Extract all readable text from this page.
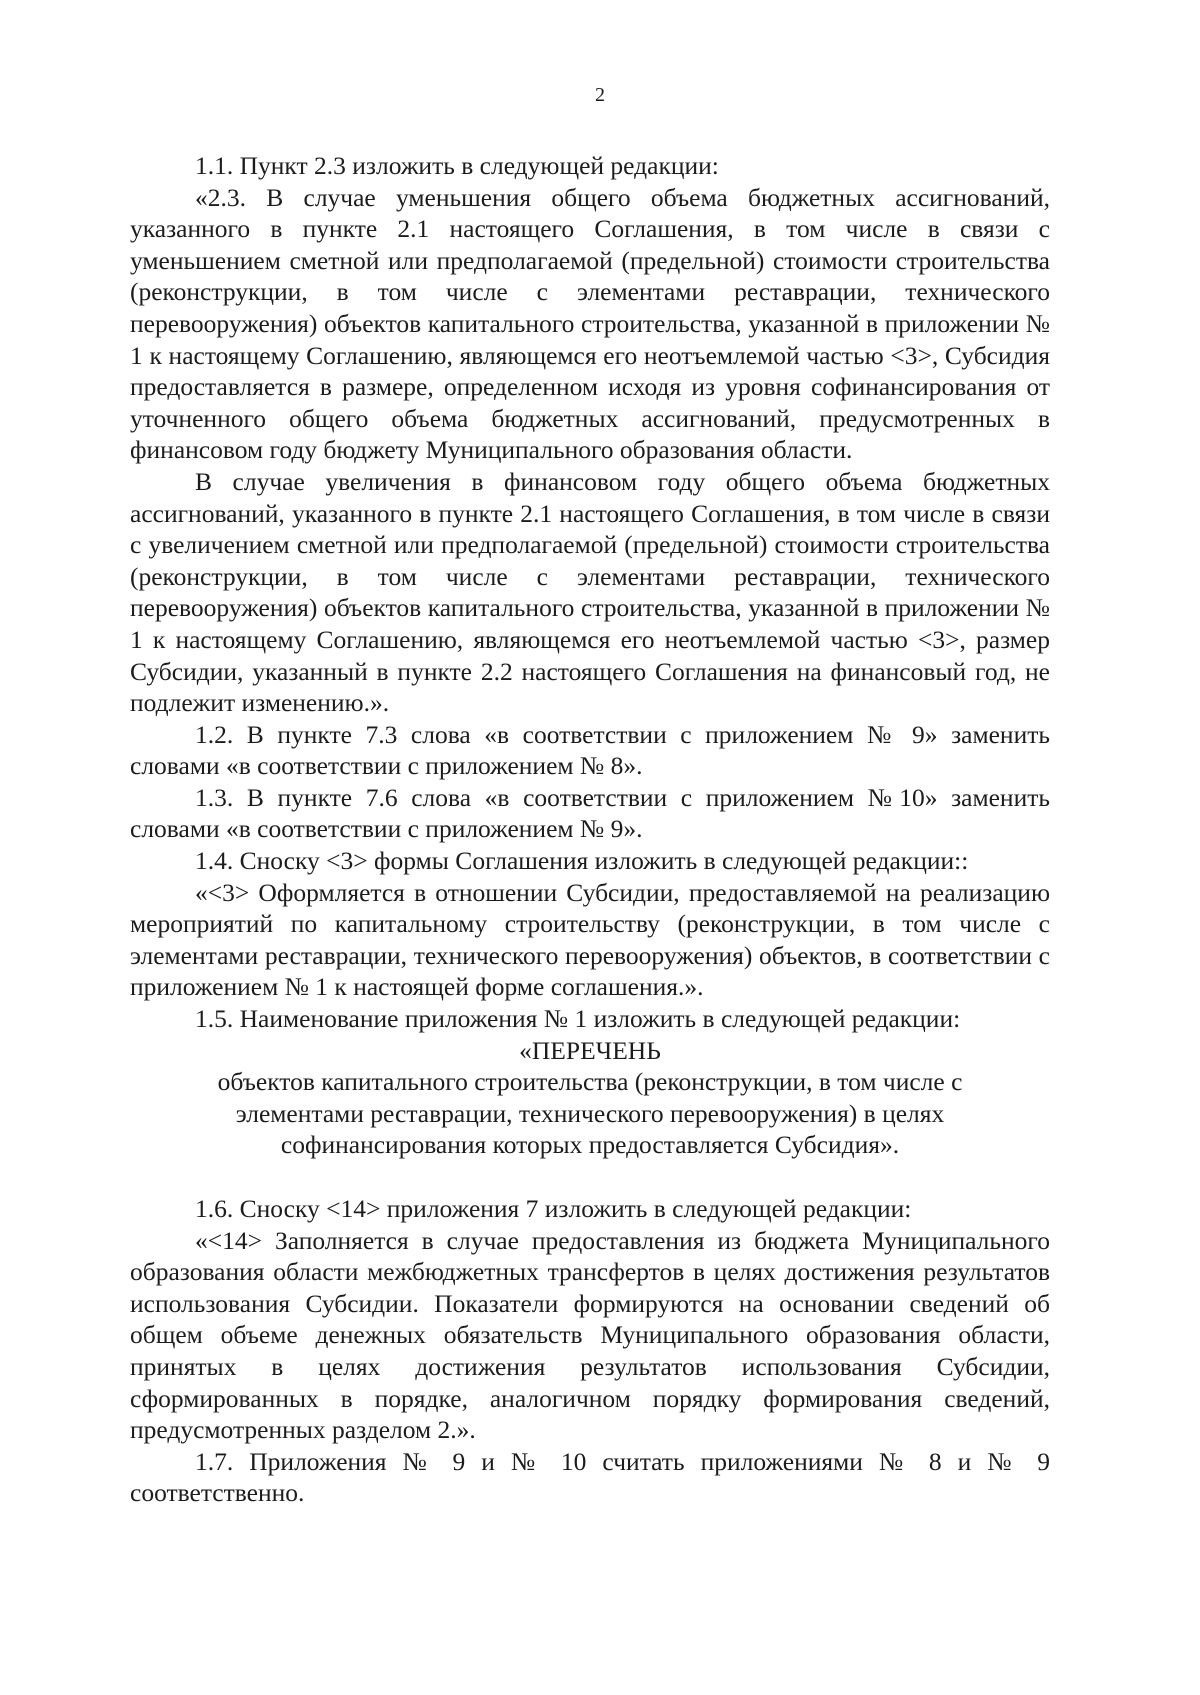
2

1.1. Пункт 2.3 изложить в следующей редакции:

«2.3. В случае уменьшения общего объема бюджетных ассигнований, указанного в пункте 2.1 настоящего Соглашения, в том числе в связи с уменьшением сметной или предполагаемой (предельной) стоимости строительства (реконструкции, в том числе с элементами реставрации, технического перевооружения) объектов капитального строительства, указанной в приложении № 1 к настоящему Соглашению, являющемся его неотъемлемой частью <3>, Субсидия предоставляется в размере, определенном исходя из уровня софинансирования от уточненного общего объема бюджетных ассигнований, предусмотренных в финансовом году бюджету Муниципального образования области.

В случае увеличения в финансовом году общего объема бюджетных ассигнований, указанного в пункте 2.1 настоящего Соглашения, в том числе в связи с увеличением сметной или предполагаемой (предельной) стоимости строительства (реконструкции, в том числе с элементами реставрации, технического перевооружения) объектов капитального строительства, указанной в приложении № 1 к настоящему Соглашению, являющемся его неотъемлемой частью <3>, размер Субсидии, указанный в пункте 2.2 настоящего Соглашения на финансовый год, не подлежит изменению.».

1.2. В пункте 7.3 слова «в соответствии с приложением № 9» заменить словами «в соответствии с приложением № 8».

1.3. В пункте 7.6 слова «в соответствии с приложением №10» заменить словами «в соответствии с приложением № 9».

1.4. Сноску <3> формы Соглашения изложить в следующей редакции::

«<3> Оформляется в отношении Субсидии, предоставляемой на реализацию мероприятий по капитальному строительству (реконструкции, в том числе с элементами реставрации, технического перевооружения) объектов, в соответствии с приложением № 1 к настоящей форме соглашения.».

1.5. Наименование приложения № 1 изложить в следующей редакции:

«ПЕРЕЧЕНЬ

объектов капитального строительства (реконструкции, в том числе с элементами реставрации, технического перевооружения) в целях софинансирования которых предоставляется Субсидия».

1.6. Сноску <14> приложения 7 изложить в следующей редакции:

«<14> Заполняется в случае предоставления из бюджета Муниципального образования области межбюджетных трансфертов в целях достижения результатов использования Субсидии. Показатели формируются на основании сведений об общем объеме денежных обязательств Муниципального образования области, принятых в целях достижения результатов использования Субсидии, сформированных в порядке, аналогичном порядку формирования сведений, предусмотренных разделом 2.».

1.7. Приложения № 9 и № 10 считать приложениями № 8 и № 9 соответственно.
